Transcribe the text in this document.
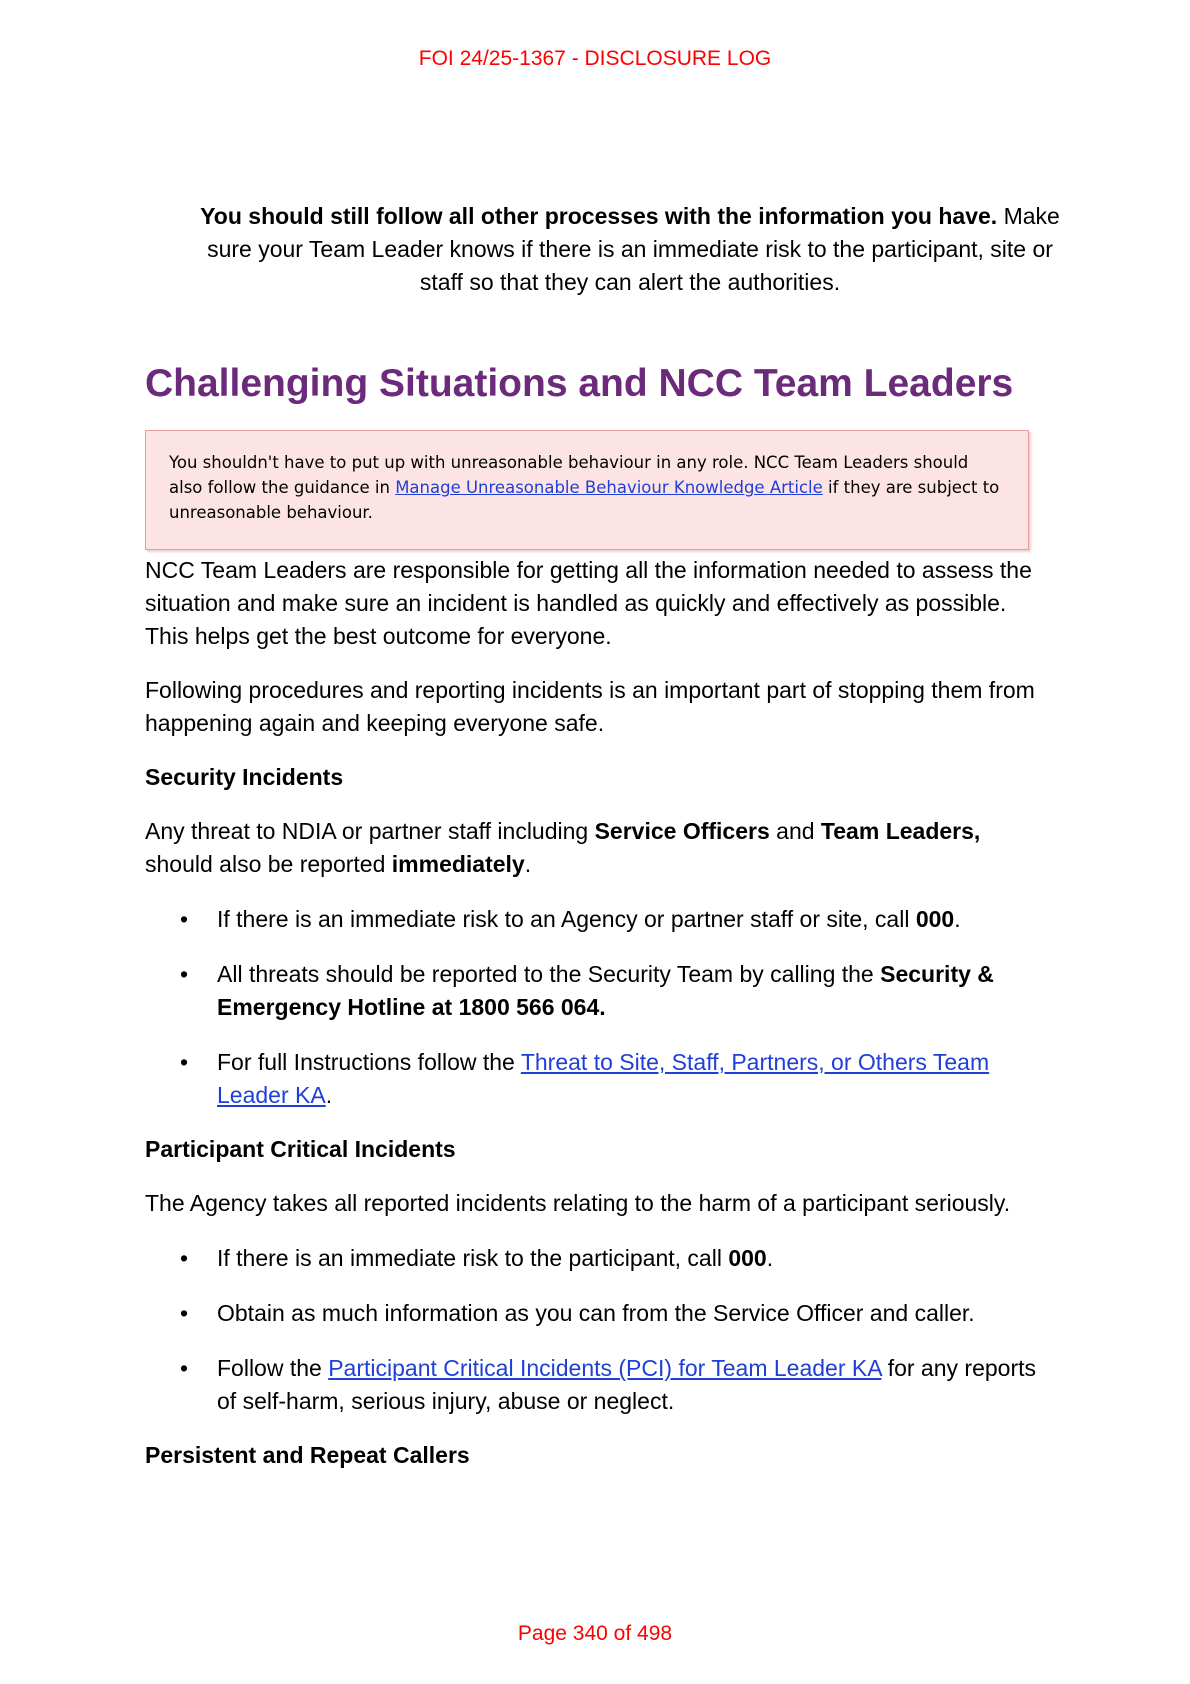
FOI 24/25-1367 - DISCLOSURE LOG
You should still follow all other processes with the information you have. Make sure your Team Leader knows if there is an immediate risk to the participant, site or staff so that they can alert the authorities.
Challenging Situations and NCC Team Leaders
You shouldn't have to put up with unreasonable behaviour in any role. NCC Team Leaders should also follow the guidance in Manage Unreasonable Behaviour Knowledge Article if they are subject to unreasonable behaviour.

NCC Team Leaders are responsible for getting all the information needed to assess the situation and make sure an incident is handled as quickly and effectively as possible. This helps get the best outcome for everyone.

Following procedures and reporting incidents is an important part of stopping them from happening again and keeping everyone safe.

Security Incidents

Any threat to NDIA or partner staff including Service Officers and Team Leaders, should also be reported immediately.

• If there is an immediate risk to an Agency or partner staff or site, call 000.
• All threats should be reported to the Security Team by calling the Security & Emergency Hotline at 1800 566 064.
• For full Instructions follow the Threat to Site, Staff, Partners, or Others Team Leader KA.
Participant Critical Incidents

The Agency takes all reported incidents relating to the harm of a participant seriously.

• If there is an immediate risk to the participant, call 000.
• Obtain as much information as you can from the Service Officer and caller.
• Follow the Participant Critical Incidents (PCI) for Team Leader KA for any reports of self-harm, serious injury, abuse or neglect.
Persistent and Repeat Callers
Page 340 of 498
